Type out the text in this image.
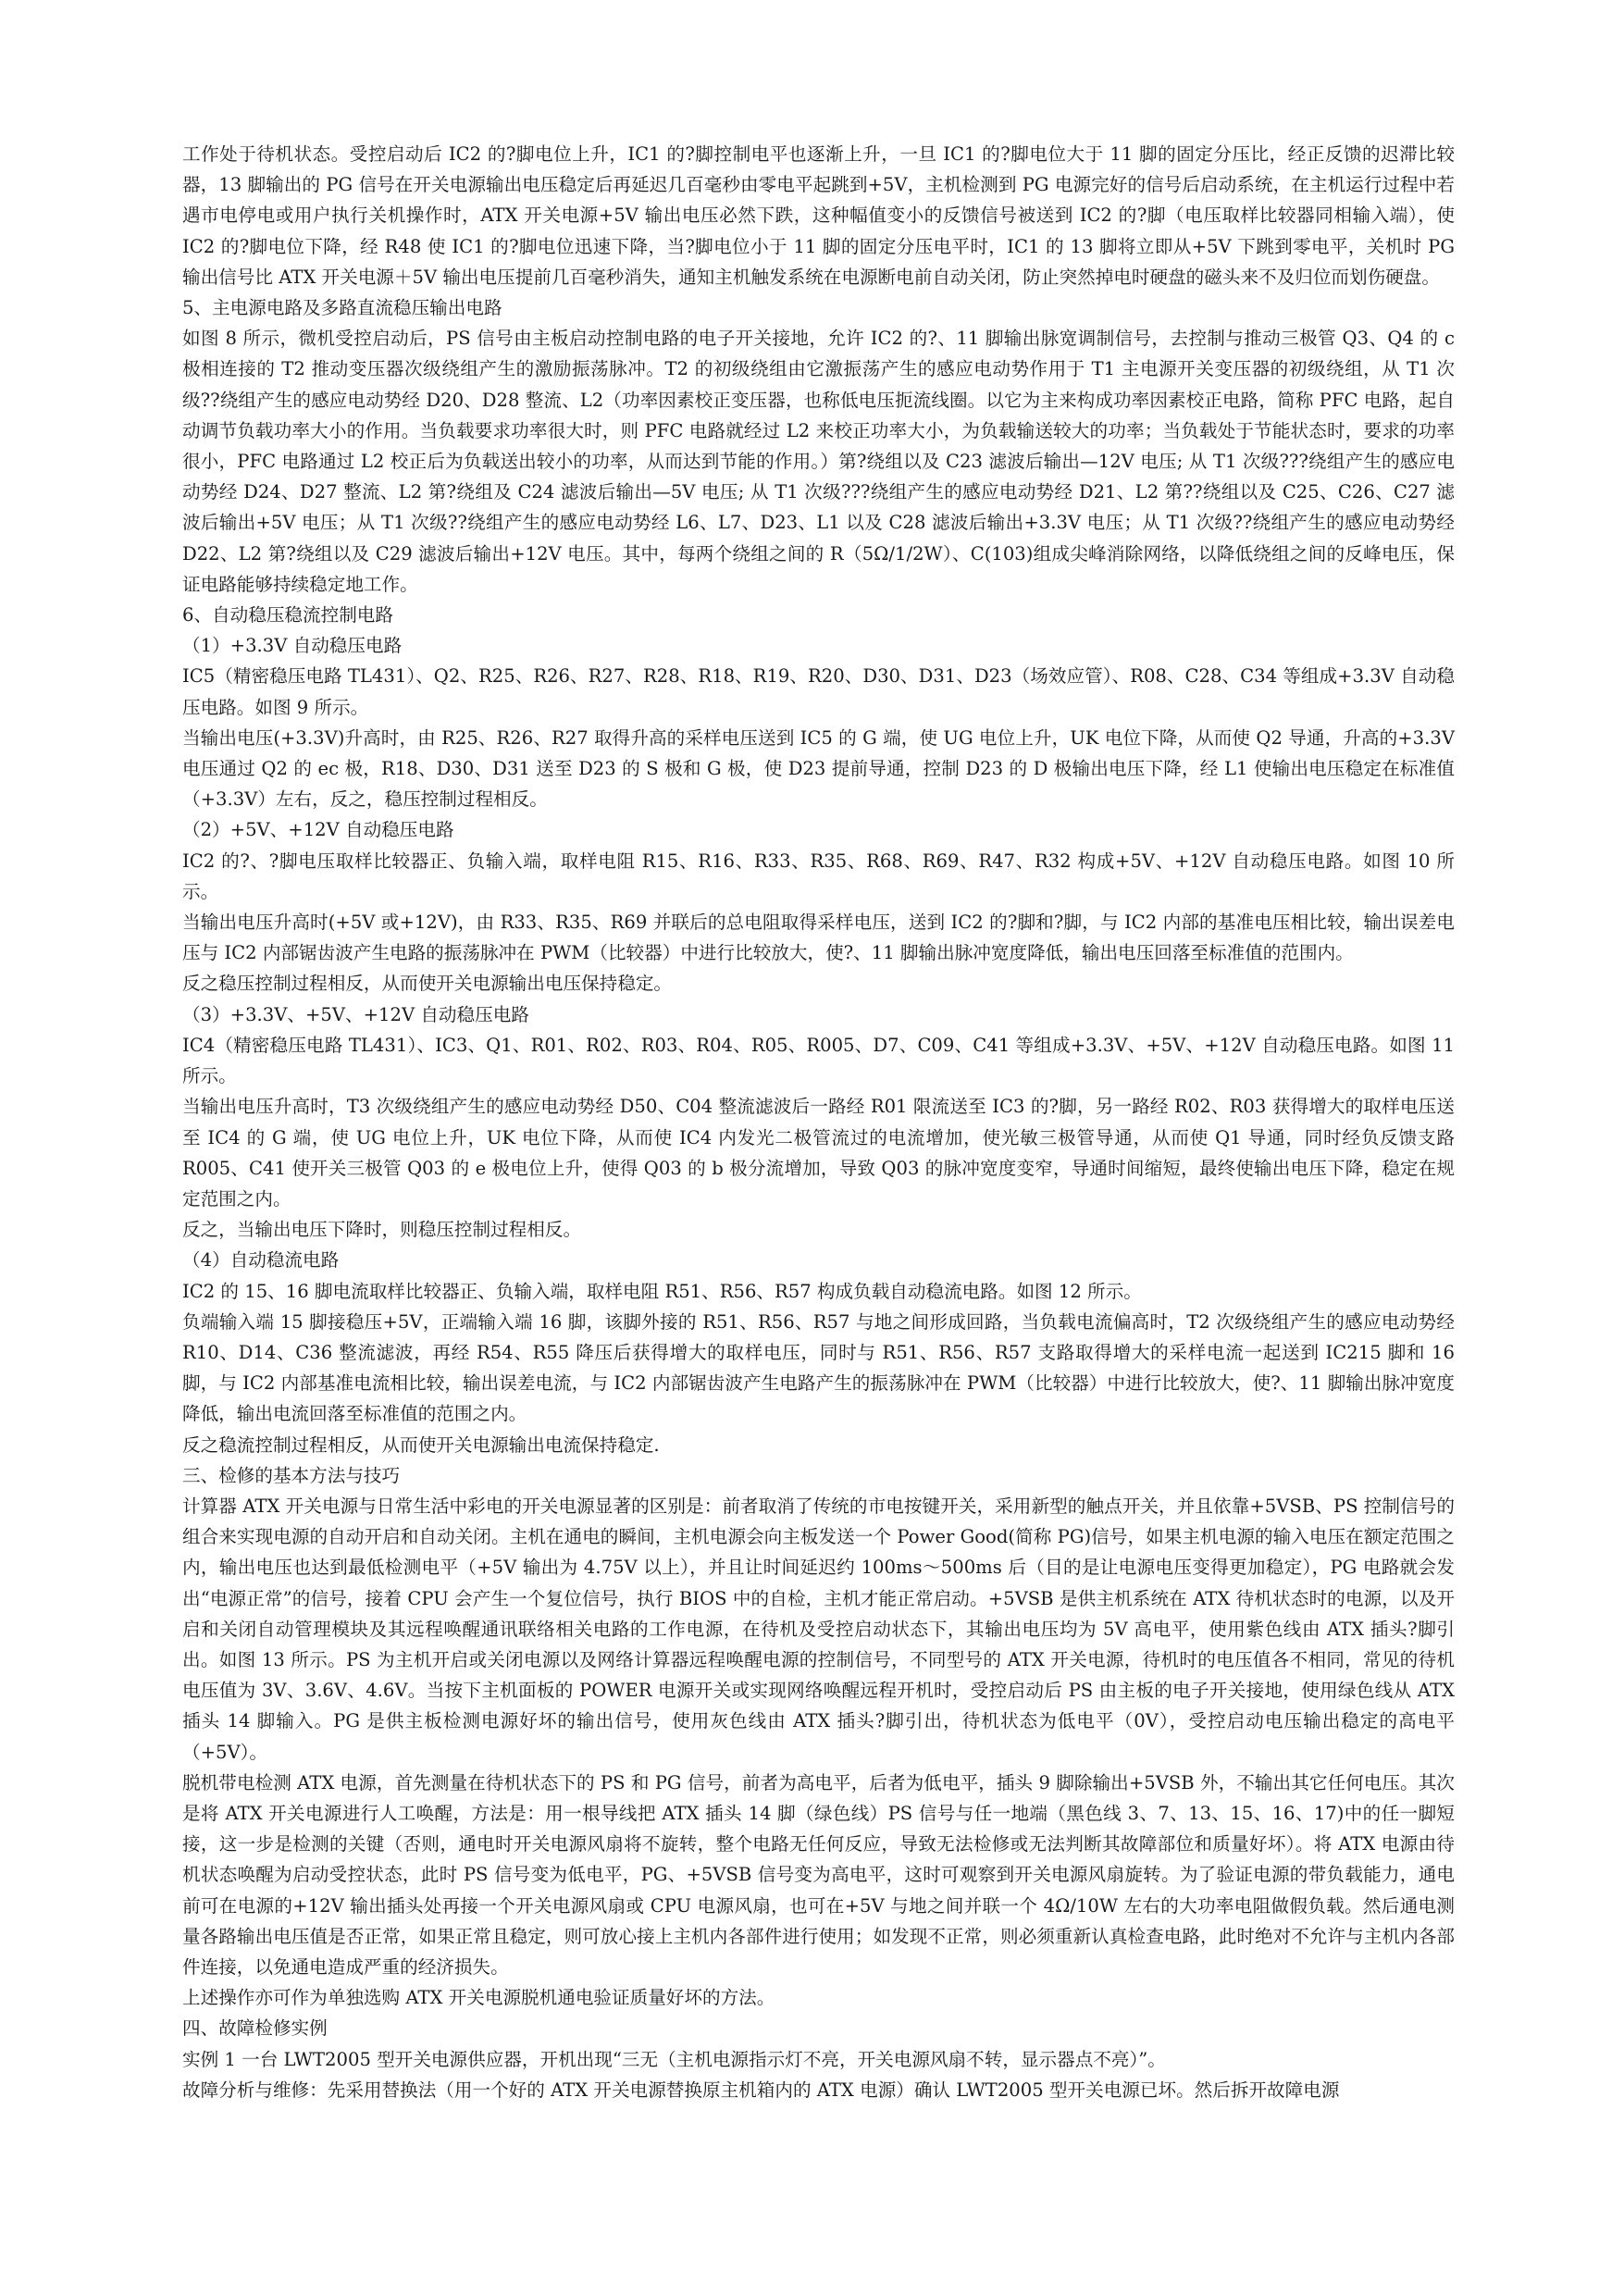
工作处于待机状态。受控启动后 IC2 的?脚电位上升，IC1 的?脚控制电平也逐渐上升，一旦 IC1 的?脚电位大于 11 脚的固定分压比，经正反馈的迟滞比较器，13 脚输出的 PG 信号在开关电源输出电压稳定后再延迟几百毫秒由零电平起跳到+5V，主机检测到 PG 电源完好的信号后启动系统，在主机运行过程中若遇市电停电或用户执行关机操作时，ATX 开关电源+5V 输出电压必然下跌，这种幅值变小的反馈信号被送到 IC2 的?脚（电压取样比较器同相输入端），使 IC2 的?脚电位下降，经 R48 使 IC1 的?脚电位迅速下降，当?脚电位小于 11 脚的固定分压电平时，IC1 的 13 脚将立即从+5V 下跳到零电平，关机时 PG 输出信号比 ATX 开关电源＋5V 输出电压提前几百毫秒消失，通知主机触发系统在电源断电前自动关闭，防止突然掉电时硬盘的磁头来不及归位而划伤硬盘。

5、主电源电路及多路直流稳压输出电路

如图 8 所示，微机受控启动后，PS 信号由主板启动控制电路的电子开关接地，允许 IC2 的?、11 脚输出脉宽调制信号，去控制与推动三极管 Q3、Q4 的 c 极相连接的 T2 推动变压器次级绕组产生的激励振荡脉冲。T2 的初级绕组由它激振荡产生的感应电动势作用于 T1 主电源开关变压器的初级绕组，从 T1 次级??绕组产生的感应电动势经 D20、D28 整流、L2（功率因素校正变压器，也称低电压扼流线圈。以它为主来构成功率因素校正电路，简称 PFC 电路，起自动调节负载功率大小的作用。当负载要求功率很大时，则 PFC 电路就经过 L2 来校正功率大小，为负载输送较大的功率；当负载处于节能状态时，要求的功率很小，PFC 电路通过 L2 校正后为负载送出较小的功率，从而达到节能的作用。）第?绕组以及 C23 滤波后输出—12V 电压; 从 T1 次级???绕组产生的感应电动势经 D24、D27 整流、L2 第?绕组及 C24 滤波后输出—5V 电压; 从 T1 次级???绕组产生的感应电动势经 D21、L2 第??绕组以及 C25、C26、C27 滤波后输出+5V 电压；从 T1 次级??绕组产生的感应电动势经 L6、L7、D23、L1 以及 C28 滤波后输出+3.3V 电压；从 T1 次级??绕组产生的感应电动势经 D22、L2 第?绕组以及 C29 滤波后输出+12V 电压。其中，每两个绕组之间的 R（5Ω/1/2W）、C(103)组成尖峰消除网络，以降低绕组之间的反峰电压，保证电路能够持续稳定地工作。

6、自动稳压稳流控制电路

（1）+3.3V 自动稳压电路

IC5（精密稳压电路 TL431）、Q2、R25、R26、R27、R28、R18、R19、R20、D30、D31、D23（场效应管）、R08、C28、C34 等组成+3.3V 自动稳压电路。如图 9 所示。

当输出电压(+3.3V)升高时，由 R25、R26、R27 取得升高的采样电压送到 IC5 的 G 端，使 UG 电位上升，UK 电位下降，从而使 Q2 导通，升高的+3.3V 电压通过 Q2 的 ec 极，R18、D30、D31 送至 D23 的 S 极和 G 极，使 D23 提前导通，控制 D23 的 D 极输出电压下降，经 L1 使输出电压稳定在标准值（+3.3V）左右，反之，稳压控制过程相反。

（2）+5V、+12V 自动稳压电路

IC2 的?、?脚电压取样比较器正、负输入端，取样电阻 R15、R16、R33、R35、R68、R69、R47、R32 构成+5V、+12V 自动稳压电路。如图 10 所示。

当输出电压升高时(+5V 或+12V)，由 R33、R35、R69 并联后的总电阻取得采样电压，送到 IC2 的?脚和?脚，与 IC2 内部的基准电压相比较，输出误差电压与 IC2 内部锯齿波产生电路的振荡脉冲在 PWM（比较器）中进行比较放大，使?、11 脚输出脉冲宽度降低，输出电压回落至标准值的范围内。

反之稳压控制过程相反，从而使开关电源输出电压保持稳定。

（3）+3.3V、+5V、+12V 自动稳压电路

IC4（精密稳压电路 TL431）、IC3、Q1、R01、R02、R03、R04、R05、R005、D7、C09、C41 等组成+3.3V、+5V、+12V 自动稳压电路。如图 11 所示。

当输出电压升高时，T3 次级绕组产生的感应电动势经 D50、C04 整流滤波后一路经 R01 限流送至 IC3 的?脚，另一路经 R02、R03 获得增大的取样电压送至 IC4 的 G 端，使 UG 电位上升，UK 电位下降，从而使 IC4 内发光二极管流过的电流增加，使光敏三极管导通，从而使 Q1 导通，同时经负反馈支路 R005、C41 使开关三极管 Q03 的 e 极电位上升，使得 Q03 的 b 极分流增加，导致 Q03 的脉冲宽度变窄，导通时间缩短，最终使输出电压下降，稳定在规定范围之内。

反之，当输出电压下降时，则稳压控制过程相反。

（4）自动稳流电路

IC2 的 15、16 脚电流取样比较器正、负输入端，取样电阻 R51、R56、R57 构成负载自动稳流电路。如图 12 所示。

负端输入端 15 脚接稳压+5V，正端输入端 16 脚，该脚外接的 R51、R56、R57 与地之间形成回路，当负载电流偏高时，T2 次级绕组产生的感应电动势经 R10、D14、C36 整流滤波，再经 R54、R55 降压后获得增大的取样电压，同时与 R51、R56、R57 支路取得增大的采样电流一起送到 IC215 脚和 16 脚，与 IC2 内部基准电流相比较，输出误差电流，与 IC2 内部锯齿波产生电路产生的振荡脉冲在 PWM（比较器）中进行比较放大，使?、11 脚输出脉冲宽度降低，输出电流回落至标准值的范围之内。

反之稳流控制过程相反，从而使开关电源输出电流保持稳定.

三、检修的基本方法与技巧

计算器 ATX 开关电源与日常生活中彩电的开关电源显著的区别是：前者取消了传统的市电按键开关，采用新型的触点开关，并且依靠+5VSB、PS 控制信号的组合来实现电源的自动开启和自动关闭。主机在通电的瞬间，主机电源会向主板发送一个 Power Good(简称 PG)信号，如果主机电源的输入电压在额定范围之内，输出电压也达到最低检测电平（+5V 输出为 4.75V 以上），并且让时间延迟约 100ms～500ms 后（目的是让电源电压变得更加稳定），PG 电路就会发出“电源正常”的信号，接着 CPU 会产生一个复位信号，执行 BIOS 中的自检，主机才能正常启动。+5VSB 是供主机系统在 ATX 待机状态时的电源，以及开启和关闭自动管理模块及其远程唤醒通讯联络相关电路的工作电源，在待机及受控启动状态下，其输出电压均为 5V 高电平，使用紫色线由 ATX 插头?脚引出。如图 13 所示。PS 为主机开启或关闭电源以及网络计算器远程唤醒电源的控制信号，不同型号的 ATX 开关电源，待机时的电压值各不相同，常见的待机电压值为 3V、3.6V、4.6V。当按下主机面板的 POWER 电源开关或实现网络唤醒远程开机时，受控启动后 PS 由主板的电子开关接地，使用绿色线从 ATX 插头 14 脚输入。PG 是供主板检测电源好坏的输出信号，使用灰色线由 ATX 插头?脚引出，待机状态为低电平（0V），受控启动电压输出稳定的高电平（+5V）。

脱机带电检测 ATX 电源，首先测量在待机状态下的 PS 和 PG 信号，前者为高电平，后者为低电平，插头 9 脚除输出+5VSB 外，不输出其它任何电压。其次是将 ATX 开关电源进行人工唤醒，方法是：用一根导线把 ATX 插头 14 脚（绿色线）PS 信号与任一地端（黑色线 3、7、13、15、16、17)中的任一脚短接，这一步是检测的关键（否则，通电时开关电源风扇将不旋转，整个电路无任何反应，导致无法检修或无法判断其故障部位和质量好坏）。将 ATX 电源由待机状态唤醒为启动受控状态，此时 PS 信号变为低电平，PG、+5VSB 信号变为高电平，这时可观察到开关电源风扇旋转。为了验证电源的带负载能力，通电前可在电源的+12V 输出插头处再接一个开关电源风扇或 CPU 电源风扇，也可在+5V 与地之间并联一个 4Ω/10W 左右的大功率电阻做假负载。然后通电测量各路输出电压值是否正常，如果正常且稳定，则可放心接上主机内各部件进行使用；如发现不正常，则必须重新认真检查电路，此时绝对不允许与主机内各部件连接，以免通电造成严重的经济损失。

上述操作亦可作为单独选购 ATX 开关电源脱机通电验证质量好坏的方法。

四、故障检修实例

实例 1 一台 LWT2005 型开关电源供应器，开机出现“三无（主机电源指示灯不亮，开关电源风扇不转，显示器点不亮）”。

故障分析与维修：先采用替换法（用一个好的 ATX 开关电源替换原主机箱内的 ATX 电源）确认 LWT2005 型开关电源已坏。然后拆开故障电源
